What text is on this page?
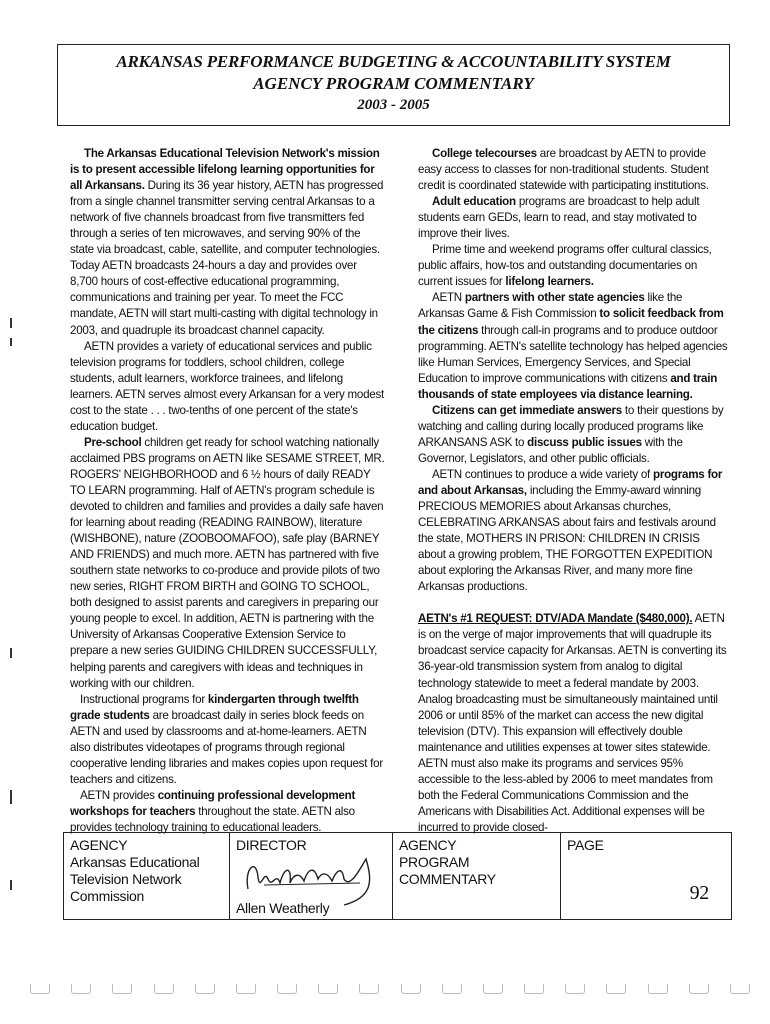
ARKANSAS PERFORMANCE BUDGETING & ACCOUNTABILITY SYSTEM
AGENCY PROGRAM COMMENTARY
2003 - 2005

The Arkansas Educational Television Network's mission is to present accessible lifelong learning opportunities for all Arkansans. During its 36 year history, AETN has progressed from a single channel transmitter serving central Arkansas to a network of five channels broadcast from five transmitters fed through a series of ten microwaves, and serving 90% of the state via broadcast, cable, satellite, and computer technologies. Today AETN broadcasts 24-hours a day and provides over 8,700 hours of cost-effective educational programming, communications and training per year. To meet the FCC mandate, AETN will start multi-casting with digital technology in 2003, and quadruple its broadcast channel capacity.

AETN provides a variety of educational services and public television programs for toddlers, school children, college students, adult learners, workforce trainees, and lifelong learners. AETN serves almost every Arkansan for a very modest cost to the state . . . two-tenths of one percent of the state's education budget.

Pre-school children get ready for school watching nationally acclaimed PBS programs on AETN like SESAME STREET, MR. ROGERS' NEIGHBORHOOD and 6 ½ hours of daily READY TO LEARN programming. Half of AETN's program schedule is devoted to children and families and provides a daily safe haven for learning about reading (READING RAINBOW), literature (WISHBONE), nature (ZOOBOOMAFOO), safe play (BARNEY AND FRIENDS) and much more. AETN has partnered with five southern state networks to co-produce and provide pilots of two new series, RIGHT FROM BIRTH and GOING TO SCHOOL, both designed to assist parents and caregivers in preparing our young people to excel. In addition, AETN is partnering with the University of Arkansas Cooperative Extension Service to prepare a new series GUIDING CHILDREN SUCCESSFULLY, helping parents and caregivers with ideas and techniques in working with our children.

Instructional programs for kindergarten through twelfth grade students are broadcast daily in series block feeds on AETN and used by classrooms and at-home-learners. AETN also distributes videotapes of programs through regional cooperative lending libraries and makes copies upon request for teachers and citizens.

AETN provides continuing professional development workshops for teachers throughout the state. AETN also provides technology training to educational leaders.

College telecourses are broadcast by AETN to provide easy access to classes for non-traditional students. Student credit is coordinated statewide with participating institutions.

Adult education programs are broadcast to help adult students earn GEDs, learn to read, and stay motivated to improve their lives.

Prime time and weekend programs offer cultural classics, public affairs, how-tos and outstanding documentaries on current issues for lifelong learners.

AETN partners with other state agencies like the Arkansas Game & Fish Commission to solicit feedback from the citizens through call-in programs and to produce outdoor programming. AETN's satellite technology has helped agencies like Human Services, Emergency Services, and Special Education to improve communications with citizens and train thousands of state employees via distance learning.

Citizens can get immediate answers to their questions by watching and calling during locally produced programs like ARKANSANS ASK to discuss public issues with the Governor, Legislators, and other public officials.

AETN continues to produce a wide variety of programs for and about Arkansas, including the Emmy-award winning PRECIOUS MEMORIES about Arkansas churches, CELEBRATING ARKANSAS about fairs and festivals around the state, MOTHERS IN PRISON: CHILDREN IN CRISIS about a growing problem, THE FORGOTTEN EXPEDITION about exploring the Arkansas River, and many more fine Arkansas productions.

AETN's #1 REQUEST: DTV/ADA Mandate ($480,000). AETN is on the verge of major improvements that will quadruple its broadcast service capacity for Arkansas. AETN is converting its 36-year-old transmission system from analog to digital technology statewide to meet a federal mandate by 2003. Analog broadcasting must be simultaneously maintained until 2006 or until 85% of the market can access the new digital television (DTV). This expansion will effectively double maintenance and utilities expenses at tower sites statewide. AETN must also make its programs and services 95% accessible to the less-abled by 2006 to meet mandates from both the Federal Communications Commission and the Americans with Disabilities Act. Additional expenses will be incurred to provide closed-

AGENCY
Arkansas Educational Television Network Commission
DIRECTOR
Allen Weatherly
AGENCY PROGRAM COMMENTARY
PAGE
92
